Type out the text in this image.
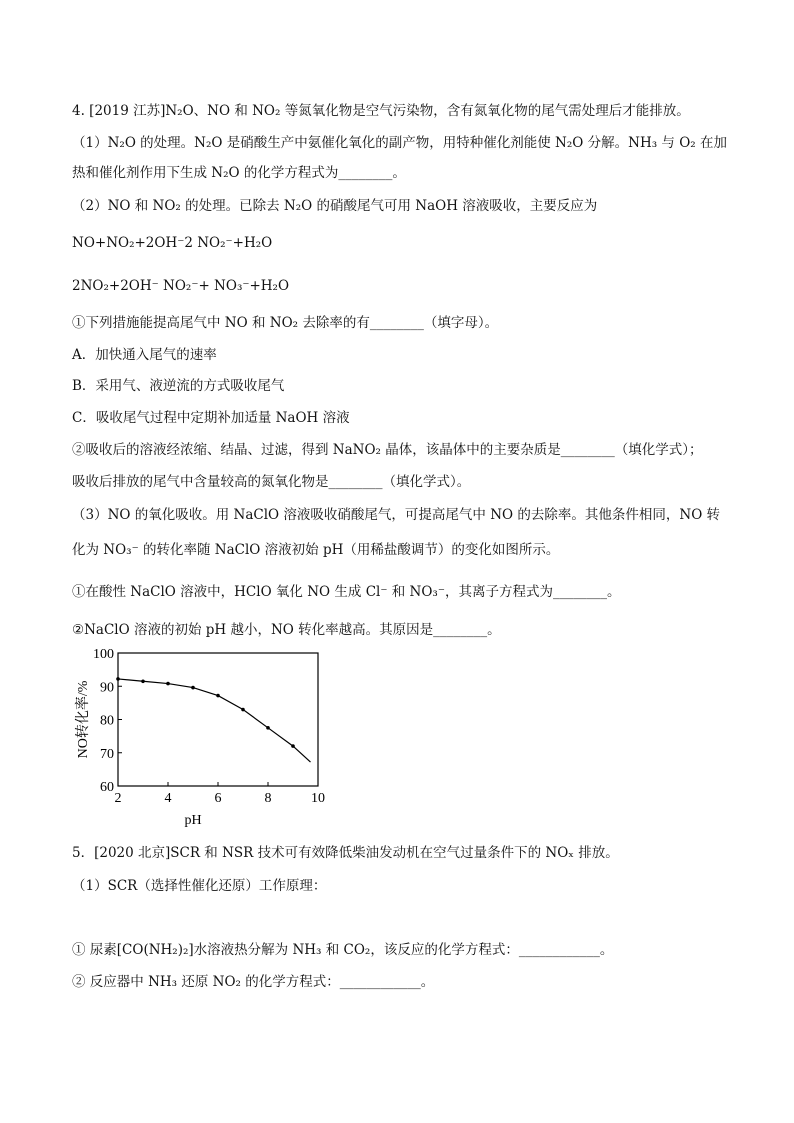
4. [2019 江苏]N₂O、NO 和 NO₂ 等氮氧化物是空气污染物，含有氮氧化物的尾气需处理后才能排放。
（1）N₂O 的处理。N₂O 是硝酸生产中氨催化氧化的副产物，用特种催化剂能使 N₂O 分解。NH₃ 与 O₂ 在加
热和催化剂作用下生成 N₂O 的化学方程式为________。
（2）NO 和 NO₂ 的处理。已除去 N₂O 的硝酸尾气可用 NaOH 溶液吸收，主要反应为
NO+NO₂+2OH⁻2 NO₂⁻+H₂O
2NO₂+2OH⁻ NO₂⁻+ NO₃⁻+H₂O
①下列措施能提高尾气中 NO 和 NO₂ 去除率的有________（填字母）。
A．加快通入尾气的速率
B．采用气、液逆流的方式吸收尾气
C．吸收尾气过程中定期补加适量 NaOH 溶液
②吸收后的溶液经浓缩、结晶、过滤，得到 NaNO₂ 晶体，该晶体中的主要杂质是________（填化学式）；
吸收后排放的尾气中含量较高的氮氧化物是________（填化学式）。
（3）NO 的氧化吸收。用 NaClO 溶液吸收硝酸尾气，可提高尾气中 NO 的去除率。其他条件相同，NO 转
化为 NO₃⁻ 的转化率随 NaClO 溶液初始 pH（用稀盐酸调节）的变化如图所示。
①在酸性 NaClO 溶液中，HClO 氧化 NO 生成 Cl⁻ 和 NO₃⁻，其离子方程式为________。
②NaClO 溶液的初始 pH 越小，NO 转化率越高。其原因是________。
2	4	6	8	10
60
70
80
90
100
pH
NO转化率/%
5．[2020 北京]SCR 和 NSR 技术可有效降低柴油发动机在空气过量条件下的 NOₓ 排放。
（1）SCR（选择性催化还原）工作原理：
① 尿素[CO(NH₂)₂]水溶液热分解为 NH₃ 和 CO₂，该反应的化学方程式：____________。
② 反应器中 NH₃ 还原 NO₂ 的化学方程式：____________。
